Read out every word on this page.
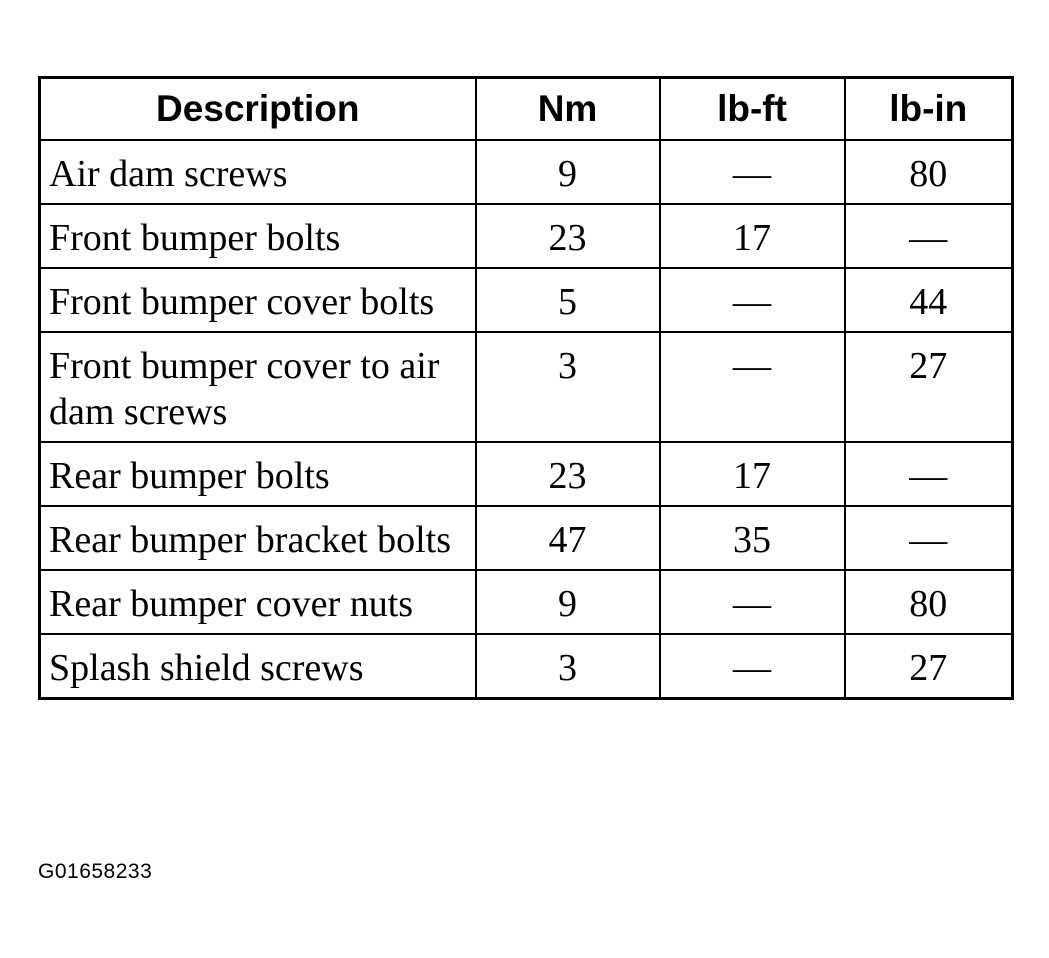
Description	Nm	lb-ft	lb-in
Air dam screws	9	—	80
Front bumper bolts	23	17	—
Front bumper cover bolts	5	—	44
Front bumper cover to air dam screws	3	—	27
Rear bumper bolts	23	17	—
Rear bumper bracket bolts	47	35	—
Rear bumper cover nuts	9	—	80
Splash shield screws	3	—	27
G01658233
